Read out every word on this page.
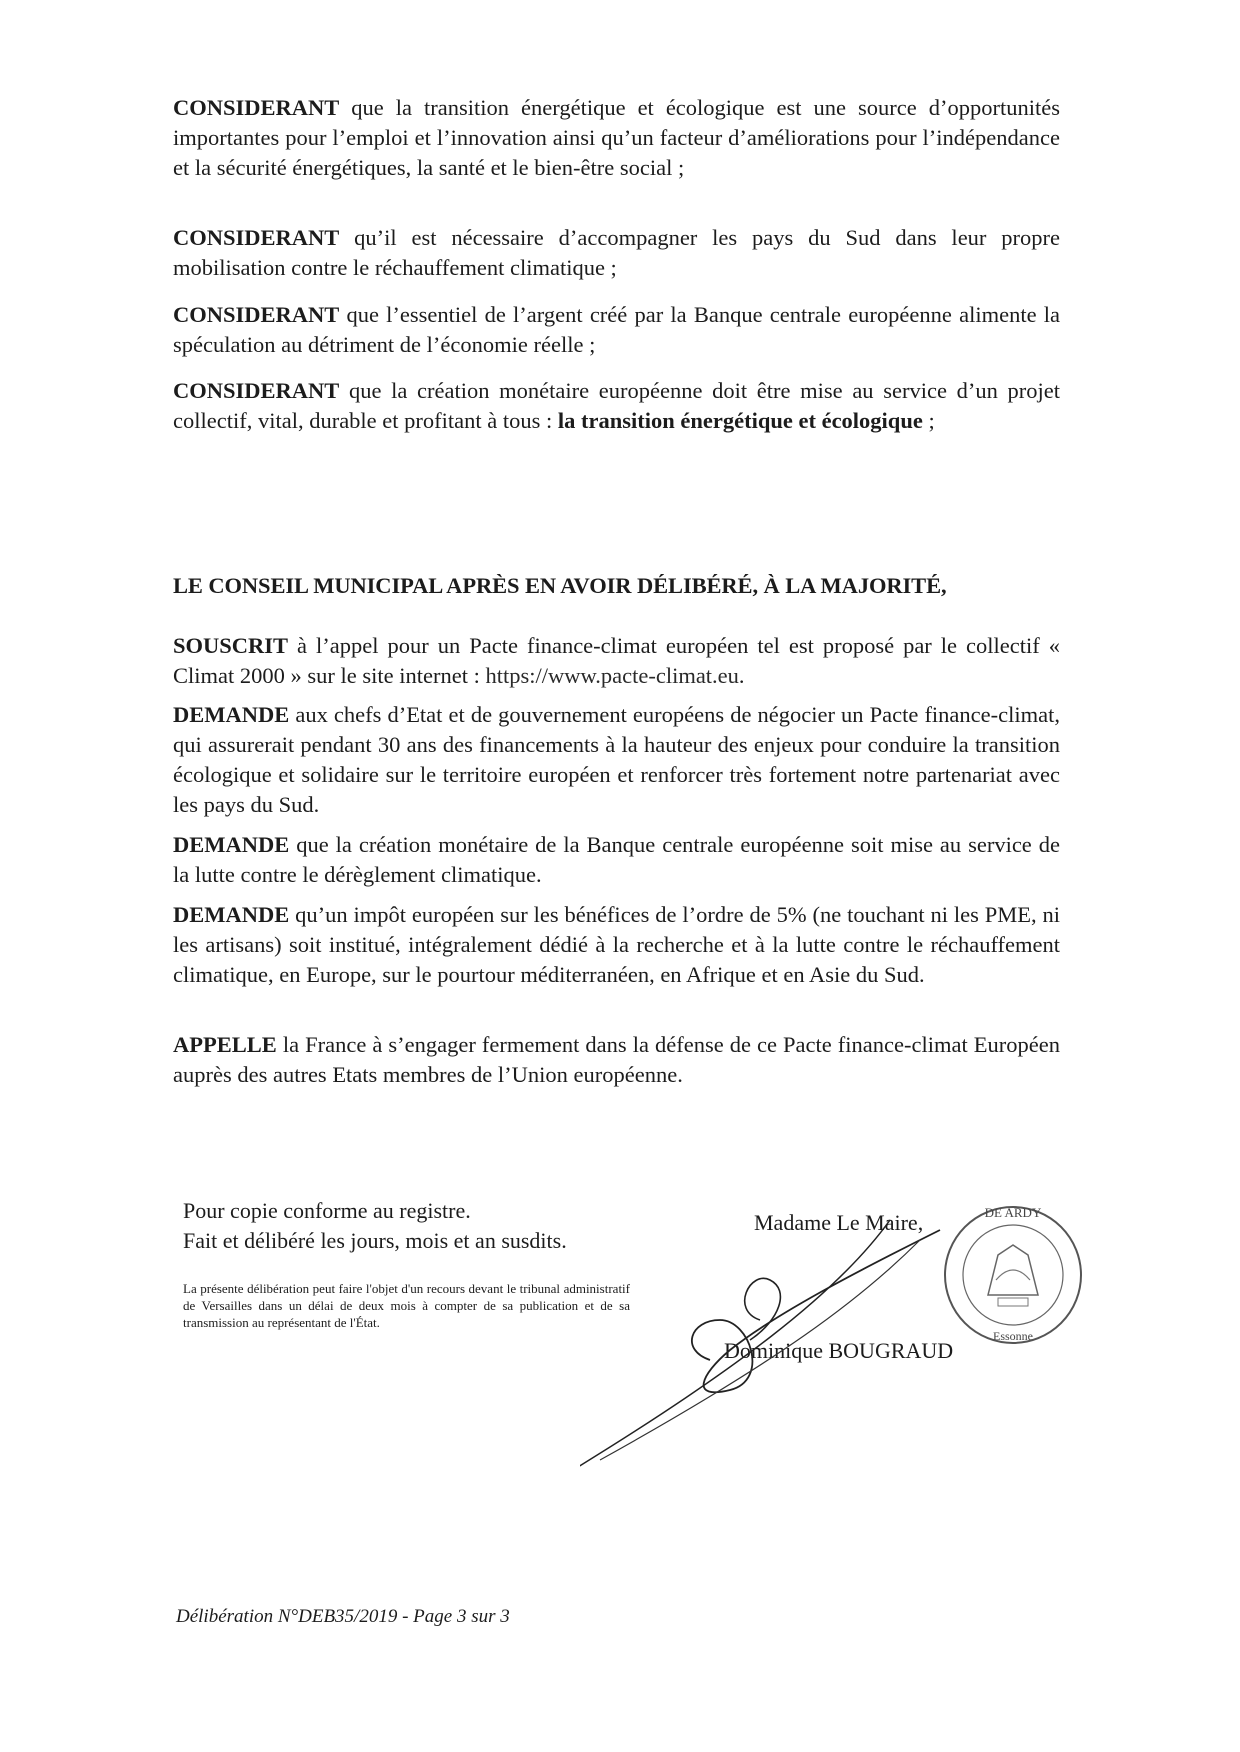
CONSIDERANT que la transition énergétique et écologique est une source d’opportunités importantes pour l’emploi et l’innovation ainsi qu’un facteur d’améliorations pour l’indépendance et la sécurité énergétiques, la santé et le bien-être social ;

CONSIDERANT qu’il est nécessaire d’accompagner les pays du Sud dans leur propre mobilisation contre le réchauffement climatique ;

CONSIDERANT que l’essentiel de l’argent créé par la Banque centrale européenne alimente la spéculation au détriment de l’économie réelle ;

CONSIDERANT que la création monétaire européenne doit être mise au service d’un projet collectif, vital, durable et profitant à tous : la transition énergétique et écologique ;

LE CONSEIL MUNICIPAL APRÈS EN AVOIR DÉLIBÉRÉ, À LA MAJORITÉ,

SOUSCRIT à l’appel pour un Pacte finance-climat européen tel est proposé par le collectif « Climat 2000 » sur le site internet : https://www.pacte-climat.eu.

DEMANDE aux chefs d’Etat et de gouvernement européens de négocier un Pacte finance-climat, qui assurerait pendant 30 ans des financements à la hauteur des enjeux pour conduire la transition écologique et solidaire sur le territoire européen et renforcer très fortement notre partenariat avec les pays du Sud.

DEMANDE que la création monétaire de la Banque centrale européenne soit mise au service de la lutte contre le dérèglement climatique.

DEMANDE qu’un impôt européen sur les bénéfices de l’ordre de 5% (ne touchant ni les PME, ni les artisans) soit institué, intégralement dédié à la recherche et à la lutte contre le réchauffement climatique, en Europe, sur le pourtour méditerranéen, en Afrique et en Asie du Sud.

APPELLE la France à s’engager fermement dans la défense de ce Pacte finance-climat Européen auprès des autres Etats membres de l’Union européenne.

Pour copie conforme au registre.
Fait et délibéré les jours, mois et an susdits.
La présente délibération peut faire l'objet d'un recours devant le tribunal administratif de Versailles dans un délai de deux mois à compter de sa publication et de sa transmission au représentant de l'État.
Madame Le Maire,
Dominique BOUGRAUD
DE ARDY
Essonne
Délibération N°DEB35/2019 - Page 3 sur 3
